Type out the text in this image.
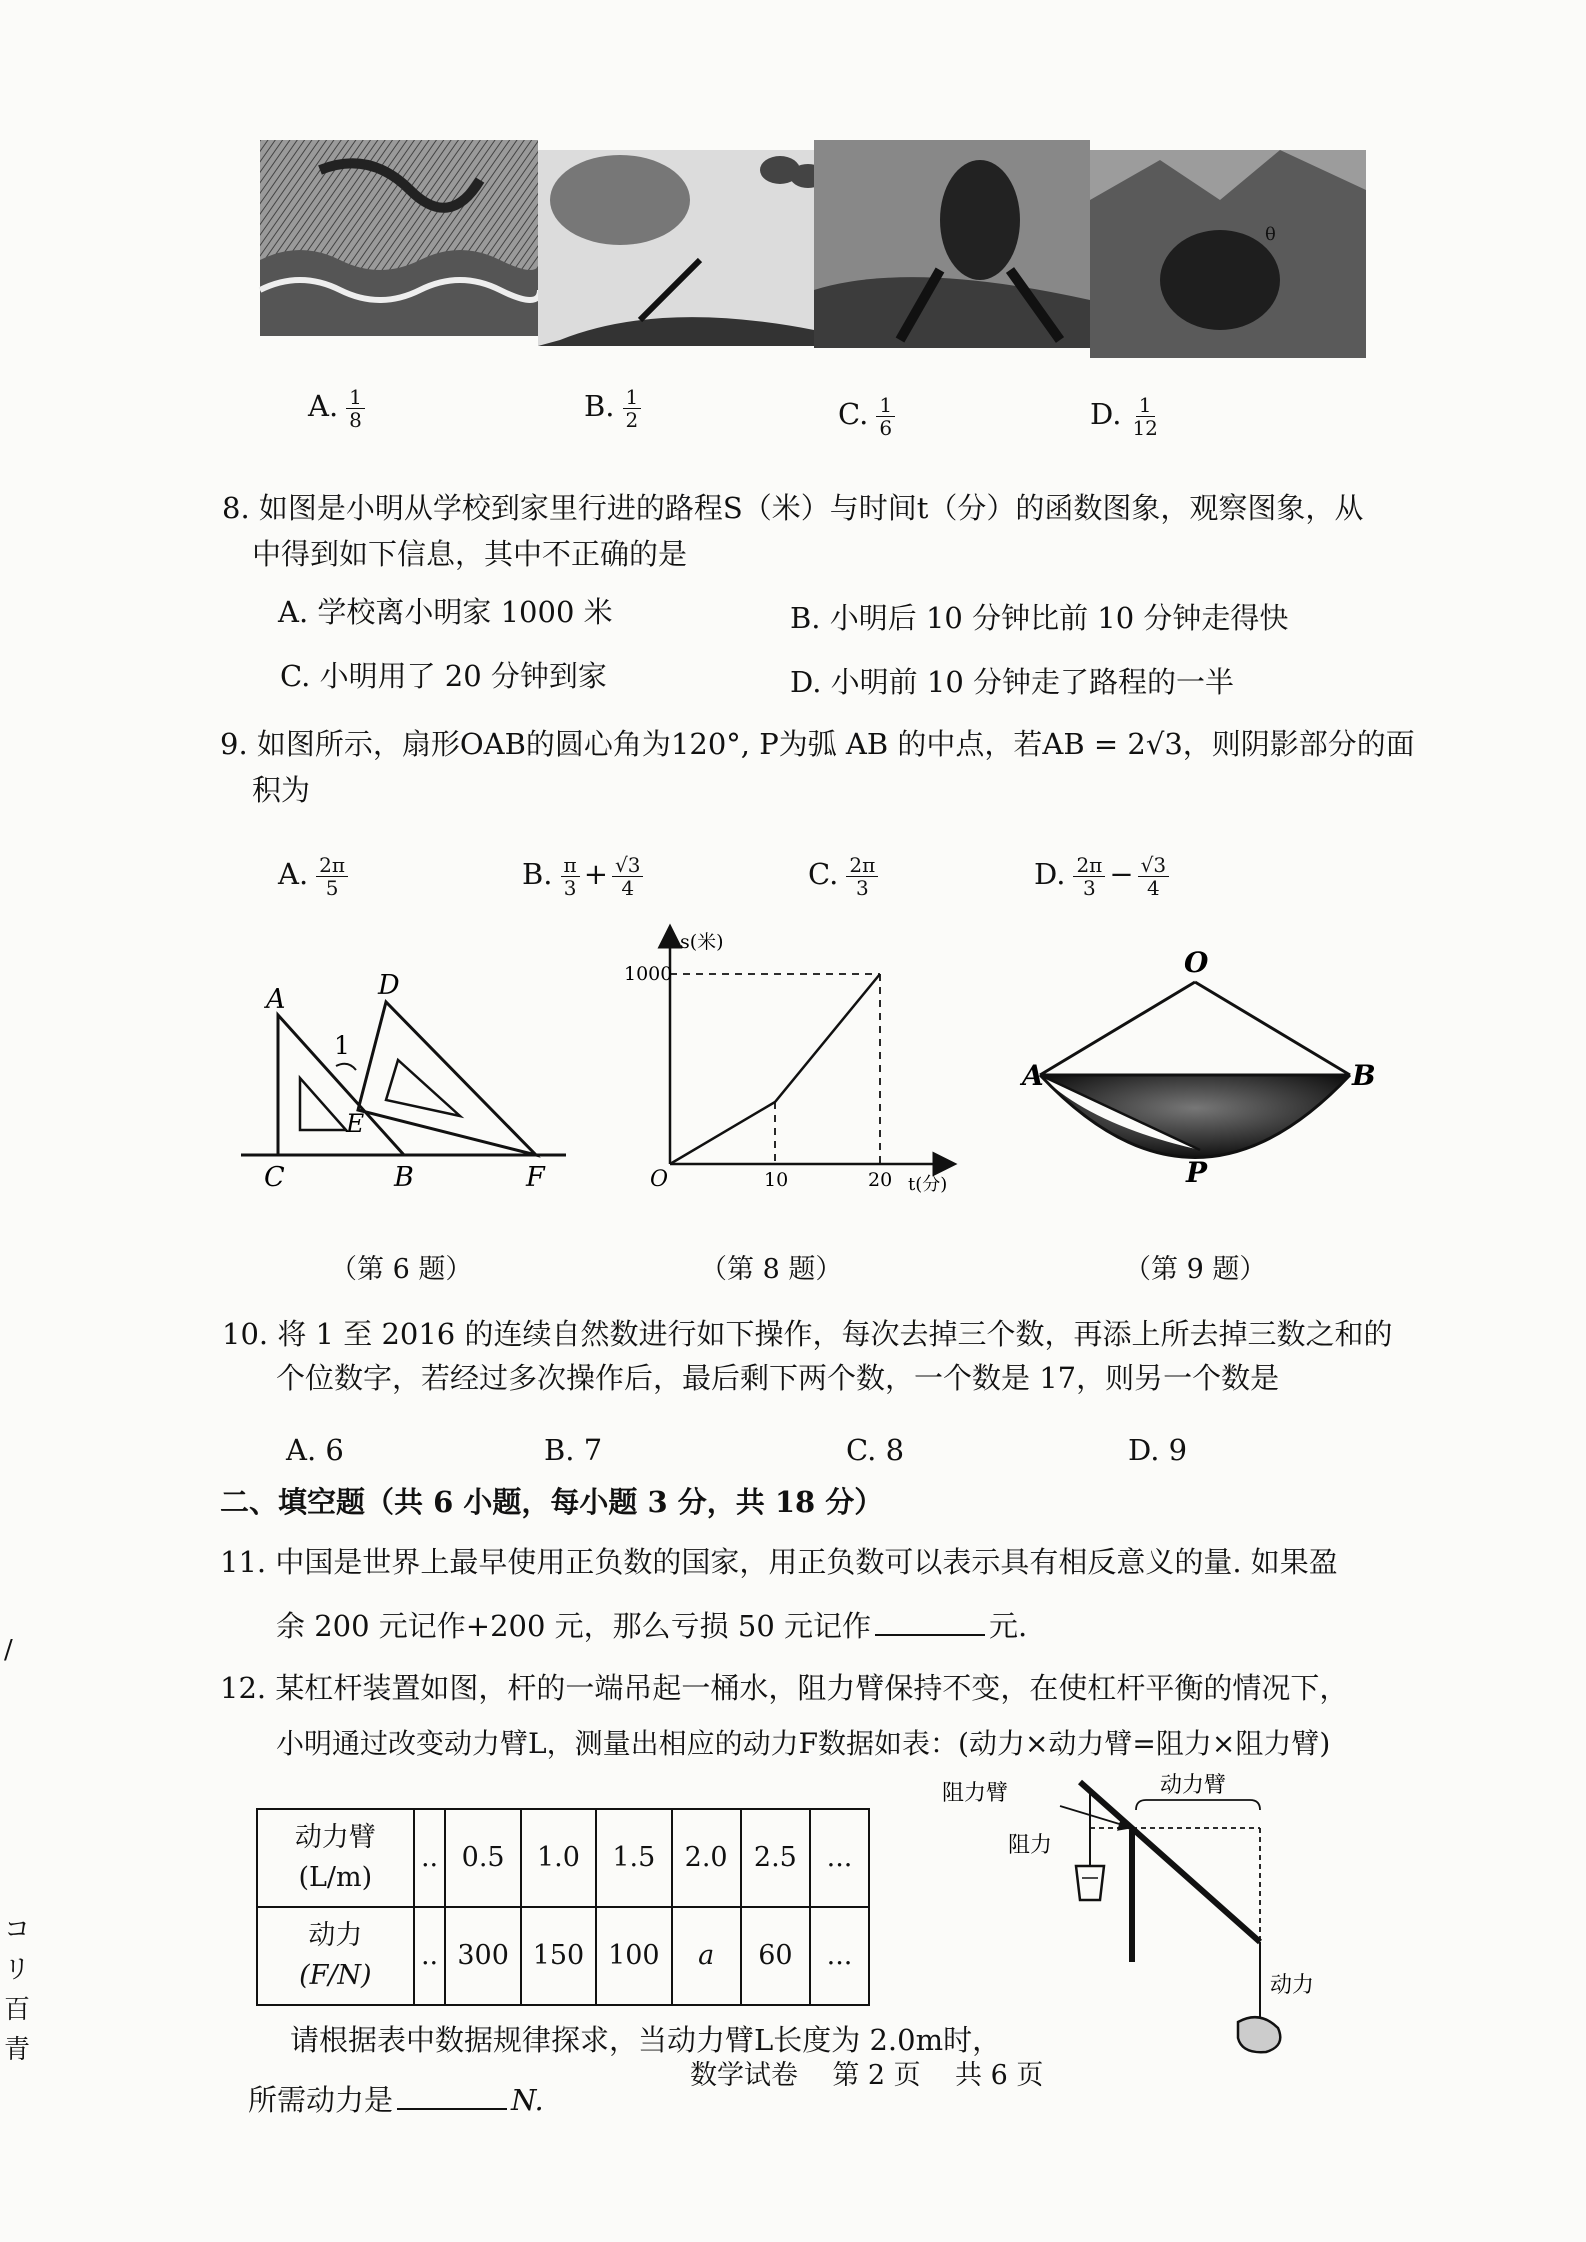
θ
A. $\frac{1}{8}$	B. $\frac{1}{2}$	C. $\frac{1}{6}$	D. $\frac{1}{12}$
8. 如图是小明从学校到家里行进的路程S（米）与时间t（分）的函数图象，观察图象，从
中得到如下信息，其中不正确的是
A. 学校离小明家 1000 米	B. 小明后 10 分钟比前 10 分钟走得快
C. 小明用了 20 分钟到家	D. 小明前 10 分钟走了路程的一半
9. 如图所示，扇形OAB的圆心角为120°, P为弧 AB 的中点，若AB = 2√3，则阴影部分的面
积为
A. $\frac{2\pi}{5}$	B. $\frac{\pi}{3} + \frac{√3}{4}$	C. $\frac{2\pi}{3}$	D. $\frac{2\pi}{3} - \frac{√3}{4}$
A	D
1
E
C	B	F
（第 6 题）
s(米)
1000
O	10	20 t(分)
（第 8 题）
O
A	B
P
（第 9 题）
10. 将 1 至 2016 的连续自然数进行如下操作，每次去掉三个数，再添上所去掉三数之和的
个位数字，若经过多次操作后，最后剩下两个数，一个数是 17，则另一个数是
A. 6	B. 7	C. 8	D. 9
二、填空题（共 6 小题，每小题 3 分，共 18 分）
11. 中国是世界上最早使用正负数的国家，用正负数可以表示具有相反意义的量. 如果盈
余 200 元记作+200 元，那么亏损 50 元记作	元.
12. 某杠杆装置如图，杆的一端吊起一桶水，阻力臂保持不变，在使杠杆平衡的情况下，
小明通过改变动力臂L，测量出相应的动力F数据如表：(动力×动力臂=阻力×阻力臂)
动力臂
(L/m)	..	0.5	1.0	1.5	2.0	2.5	...

动力
(F/N)	..	300	150	100	a	60	...
阻力臂	动力臂
阻力
动力
请根据表中数据规律探求，当动力臂L长度为 2.0m时，
所需动力是	N.
数学试卷    第 2 页    共 6 页
/
コ
リ
百
青
